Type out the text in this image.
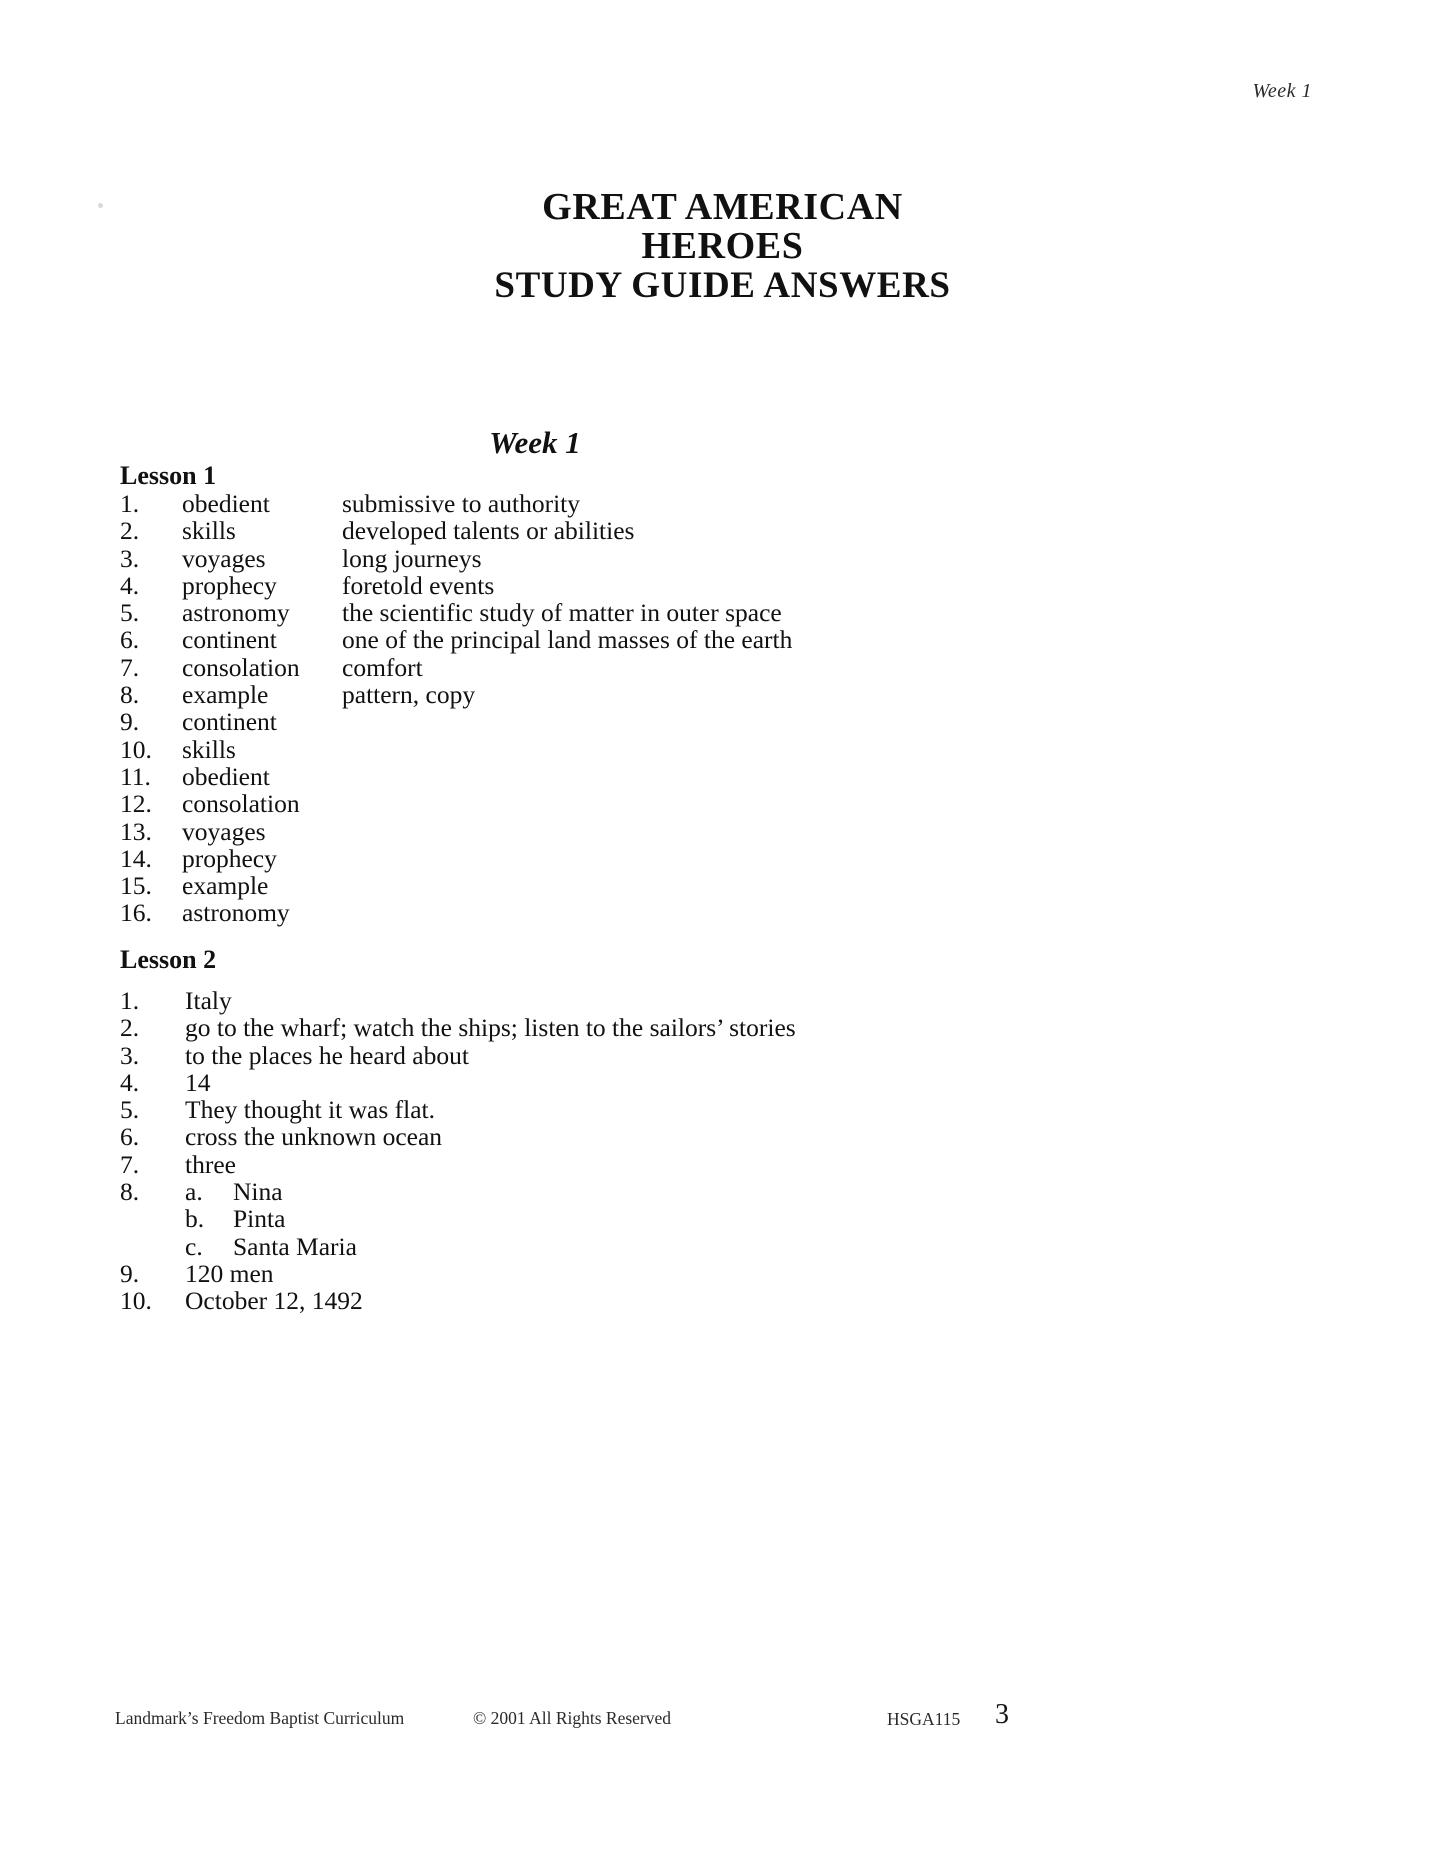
Week 1
GREAT AMERICAN
HEROES
STUDY GUIDE ANSWERS
Week 1
Lesson 1
1.	obedient	submissive to authority
2.	skills	developed talents or abilities
3.	voyages	long journeys
4.	prophecy	foretold events
5.	astronomy	the scientific study of matter in outer space
6.	continent	one of the principal land masses of the earth
7.	consolation	comfort
8.	example	pattern, copy
9.	continent
10.	skills
11.	obedient
12.	consolation
13.	voyages
14.	prophecy
15.	example
16.	astronomy
Lesson 2
1.	Italy
2.	go to the wharf; watch the ships; listen to the sailors’ stories
3.	to the places he heard about
4.	14
5.	They thought it was flat.
6.	cross the unknown ocean
7.	three
8.	a.	Nina
b.	Pinta
c.	Santa Maria
9.	120 men
10.	October 12, 1492
Landmark’s Freedom Baptist Curriculum	© 2001 All Rights Reserved	HSGA115 3
